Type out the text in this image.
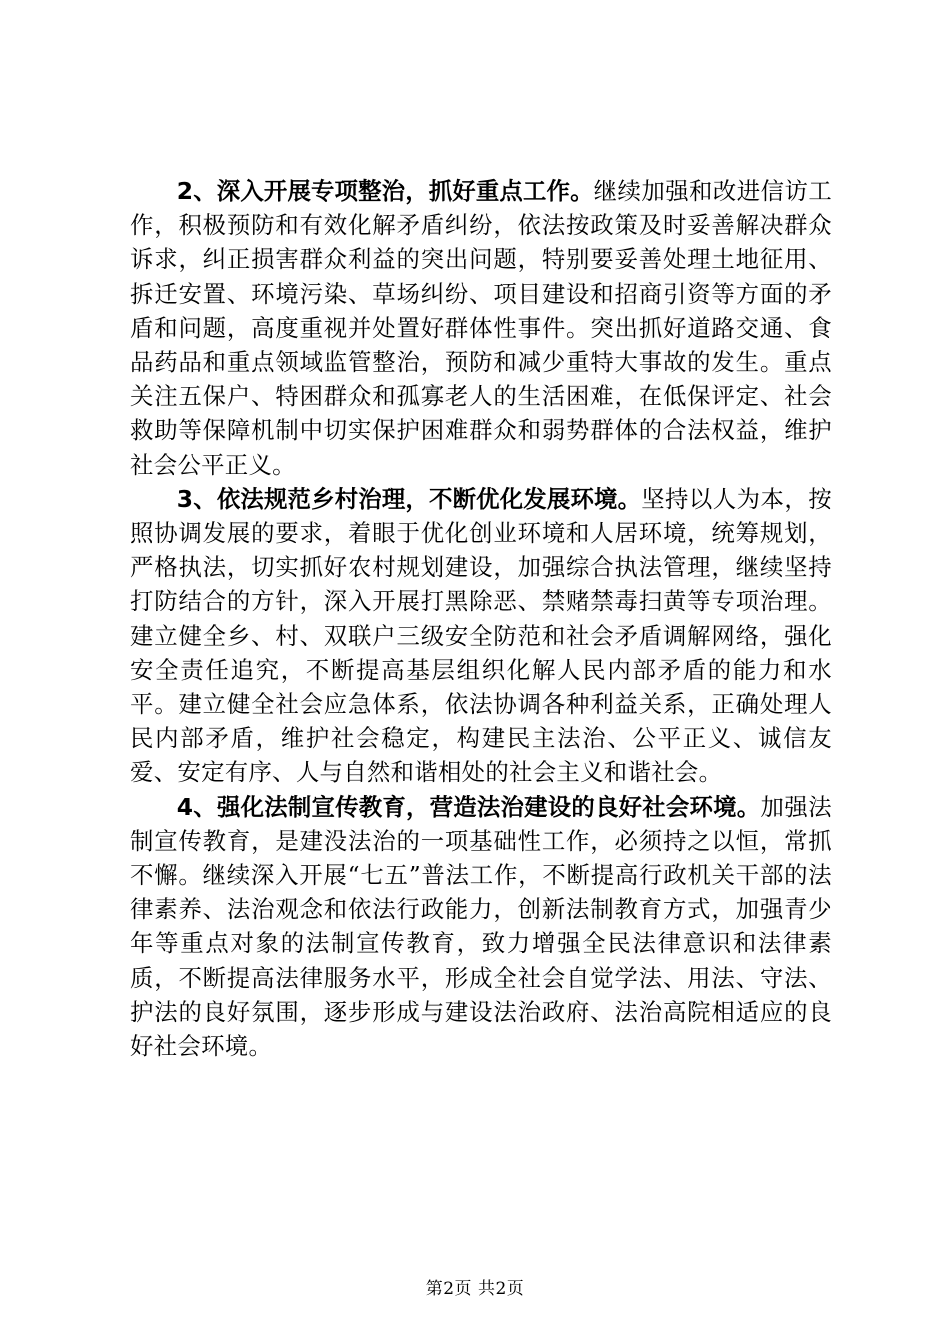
2、深入开展专项整治，抓好重点工作。继续加强和改进信访工作，积极预防和有效化解矛盾纠纷，依法按政策及时妥善解决群众诉求，纠正损害群众利益的突出问题，特别要妥善处理土地征用、拆迁安置、环境污染、草场纠纷、项目建设和招商引资等方面的矛盾和问题，高度重视并处置好群体性事件。突出抓好道路交通、食品药品和重点领域监管整治，预防和减少重特大事故的发生。重点关注五保户、特困群众和孤寡老人的生活困难，在低保评定、社会救助等保障机制中切实保护困难群众和弱势群体的合法权益，维护社会公平正义。

3、依法规范乡村治理，不断优化发展环境。坚持以人为本，按照协调发展的要求，着眼于优化创业环境和人居环境，统筹规划，严格执法，切实抓好农村规划建设，加强综合执法管理，继续坚持打防结合的方针，深入开展打黑除恶、禁赌禁毒扫黄等专项治理。建立健全乡、村、双联户三级安全防范和社会矛盾调解网络，强化安全责任追究，不断提高基层组织化解人民内部矛盾的能力和水平。建立健全社会应急体系，依法协调各种利益关系，正确处理人民内部矛盾，维护社会稳定，构建民主法治、公平正义、诚信友爱、安定有序、人与自然和谐相处的社会主义和谐社会。

4、强化法制宣传教育，营造法治建设的良好社会环境。加强法制宣传教育，是建没法治的一项基础性工作，必须持之以恒，常抓不懈。继续深入开展“七五”普法工作，不断提高行政机关干部的法律素养、法治观念和依法行政能力，创新法制教育方式，加强青少年等重点对象的法制宣传教育，致力增强全民法律意识和法律素质，不断提高法律服务水平，形成全社会自觉学法、用法、守法、护法的良好氛围，逐步形成与建设法治政府、法治高院相适应的良好社会环境。

第2页 共2页
